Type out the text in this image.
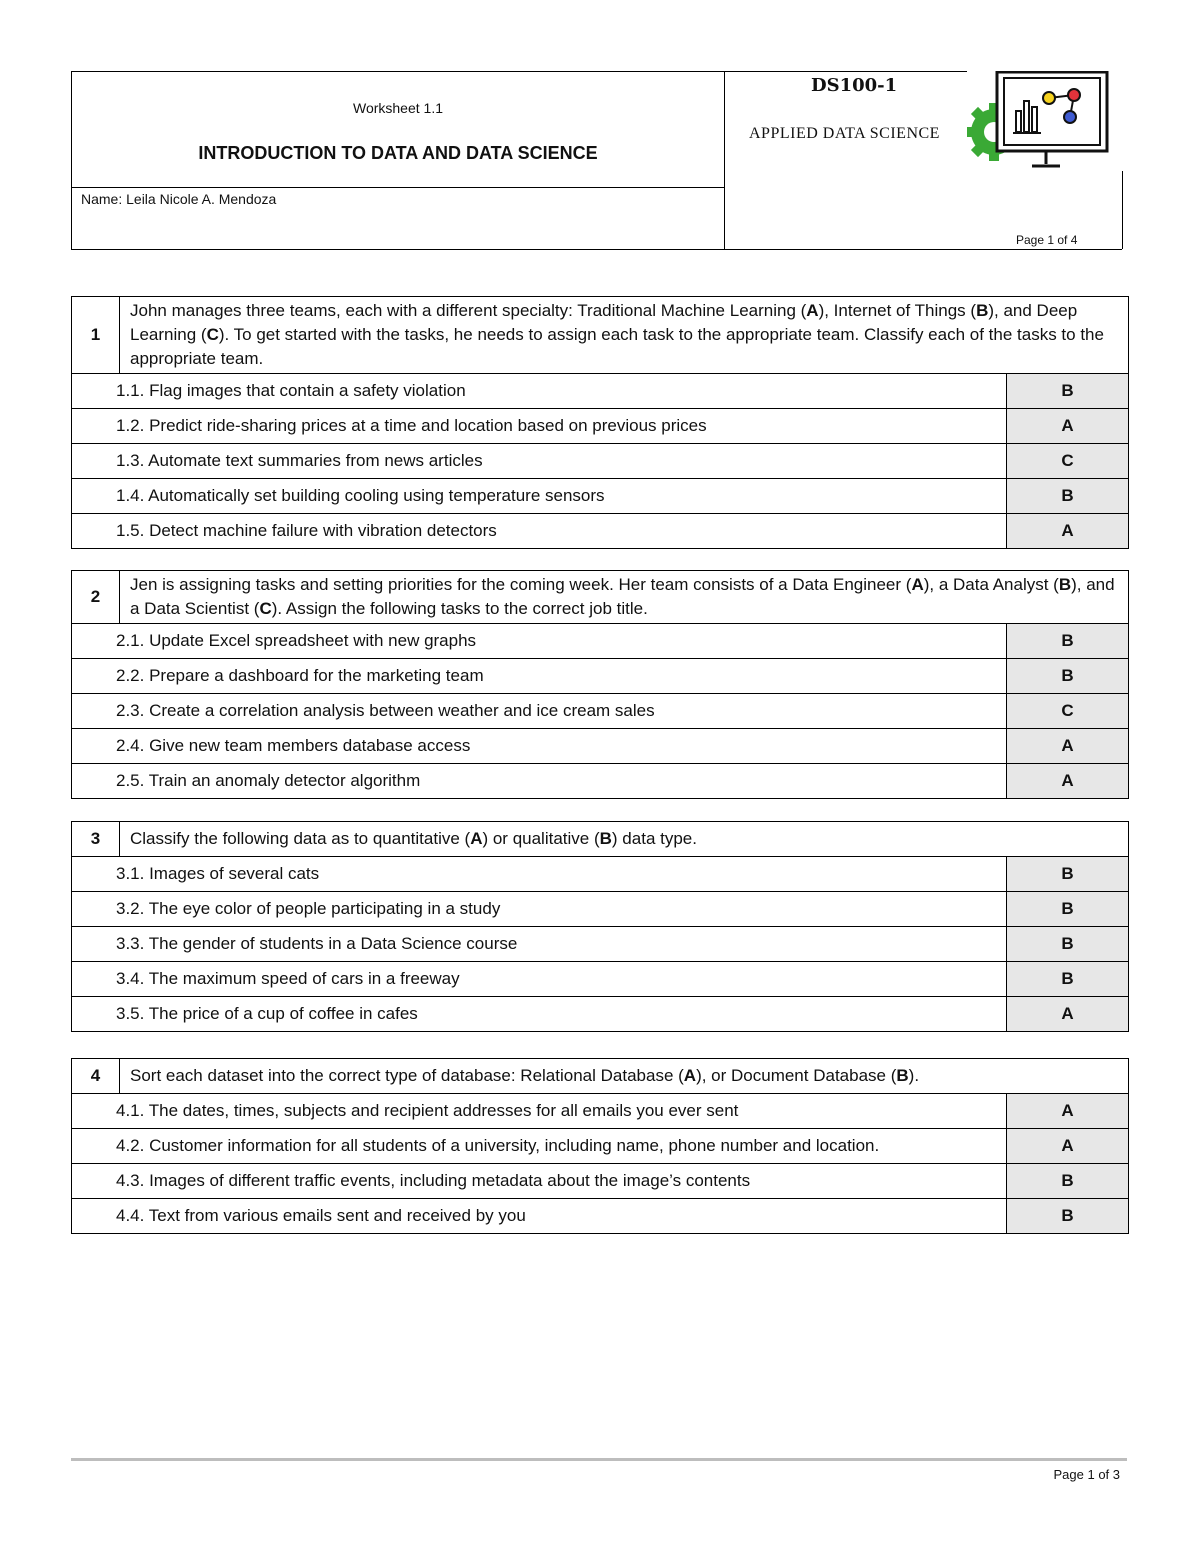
Worksheet 1.1
INTRODUCTION TO DATA AND DATA SCIENCE
Name: Leila Nicole A. Mendoza
DS100-1
APPLIED DATA SCIENCE
Page 1 of 4
1	John manages three teams, each with a different specialty: Traditional Machine Learning (A), Internet of Things (B), and Deep Learning (C). To get started with the tasks, he needs to assign each task to the appropriate team. Classify each of the tasks to the appropriate team.	
1.1. Flag images that contain a safety violation		B
1.2. Predict ride-sharing prices at a time and location based on previous prices		A
1.3. Automate text summaries from news articles		C
1.4. Automatically set building cooling using temperature sensors		B
1.5. Detect machine failure with vibration detectors		A
2	Jen is assigning tasks and setting priorities for the coming week. Her team consists of a Data Engineer (A), a Data Analyst (B), and a Data Scientist (C). Assign the following tasks to the correct job title.	
2.1. Update Excel spreadsheet with new graphs		B
2.2. Prepare a dashboard for the marketing team		B
2.3. Create a correlation analysis between weather and ice cream sales		C
2.4. Give new team members database access		A
2.5. Train an anomaly detector algorithm		A
3	Classify the following data as to quantitative (A) or qualitative (B) data type.	
3.1. Images of several cats		B
3.2. The eye color of people participating in a study		B
3.3. The gender of students in a Data Science course		B
3.4. The maximum speed of cars in a freeway		B
3.5. The price of a cup of coffee in cafes		A
4	Sort each dataset into the correct type of database: Relational Database (A), or Document Database (B).	
4.1. The dates, times, subjects and recipient addresses for all emails you ever sent		A
4.2. Customer information for all students of a university, including name, phone number and location.		A
4.3. Images of different traffic events, including metadata about the image’s contents		B
4.4. Text from various emails sent and received by you		B
Page 1 of 3
